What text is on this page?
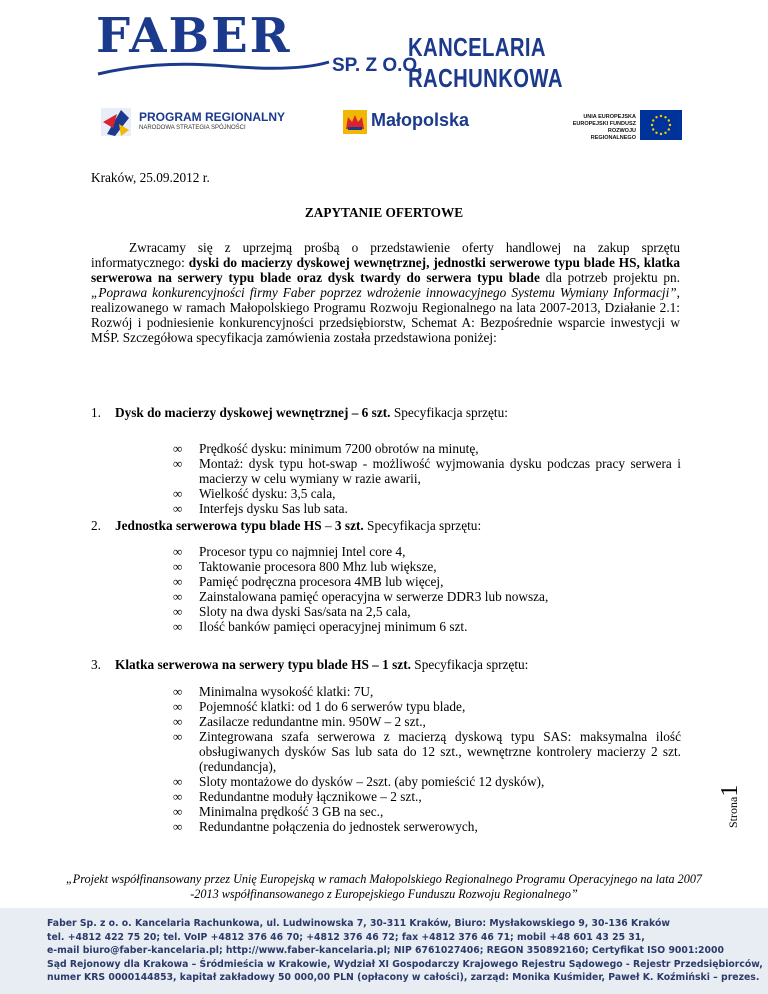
FABER
SP. Z O.O.
KANCELARIA RACHUNKOWA
PROGRAM REGIONALNY
NARODOWA STRATEGIA SPÓJNOŚCI	Małopolska	UNIA EUROPEJSKA
EUROPEJSKI FUNDUSZ
ROZWOJU REGIONALNEGO
Kraków, 25.09.2012 r.
ZAPYTANIE OFERTOWE
Zwracamy się z uprzejmą prośbą o przedstawienie oferty handlowej na zakup sprzętu informatycznego: dyski do macierzy dyskowej wewnętrznej, jednostki serwerowe typu blade HS, klatka serwerowa na serwery typu blade oraz dysk twardy do serwera typu blade dla potrzeb projektu pn. „Poprawa konkurencyjności firmy Faber poprzez wdrożenie innowacyjnego Systemu Wymiany Informacji”, realizowanego w ramach Małopolskiego Programu Rozwoju Regionalnego na lata 2007-2013, Działanie 2.1: Rozwój i podniesienie konkurencyjności przedsiębiorstw, Schemat A: Bezpośrednie wsparcie inwestycji w MŚP. Szczegółowa specyfikacja zamówienia została przedstawiona poniżej:
1. Dysk do macierzy dyskowej wewnętrznej – 6 szt. Specyfikacja sprzętu:
∞ Prędkość dysku: minimum 7200 obrotów na minutę,
∞ Montaż: dysk typu hot-swap - możliwość wyjmowania dysku podczas pracy serwera i macierzy w celu wymiany w razie awarii,
∞ Wielkość dysku: 3,5 cala,
∞ Interfejs dysku Sas lub sata.
2. Jednostka serwerowa typu blade HS – 3 szt. Specyfikacja sprzętu:
∞ Procesor typu co najmniej Intel core 4,
∞ Taktowanie procesora 800 Mhz lub większe,
∞ Pamięć podręczna procesora 4MB lub więcej,
∞ Zainstalowana pamięć operacyjna w serwerze DDR3 lub nowsza,
∞ Sloty na dwa dyski Sas/sata na 2,5 cala,
∞ Ilość banków pamięci operacyjnej minimum 6 szt.
3. Klatka serwerowa na serwery typu blade HS – 1 szt. Specyfikacja sprzętu:
∞ Minimalna wysokość klatki: 7U,
∞ Pojemność klatki: od 1 do 6 serwerów typu blade,
∞ Zasilacze redundantne min. 950W – 2 szt.,
∞ Zintegrowana szafa serwerowa z macierzą dyskową typu SAS: maksymalna ilość obsługiwanych dysków Sas lub sata do 12 szt., wewnętrzne kontrolery macierzy 2 szt. (redundancja),
∞ Sloty montażowe do dysków – 2szt. (aby pomieścić 12 dysków),
∞ Redundantne moduły łącznikowe – 2 szt.,
∞ Minimalna prędkość 3 GB na sec.,
∞ Redundantne połączenia do jednostek serwerowych,	Strona1
„Projekt współfinansowany przez Unię Europejską w ramach Małopolskiego Regionalnego Programu Operacyjnego na lata 2007 -2013 współfinansowanego z Europejskiego Funduszu Rozwoju Regionalnego”
Faber Sp. z o. o. Kancelaria Rachunkowa, ul. Ludwinowska 7, 30-311 Kraków, Biuro: Mysłakowskiego 9, 30-136 Kraków
tel. +4812 422 75 20; tel. VoIP +4812 376 46 70; +4812 376 46 72; fax +4812 376 46 71; mobil +48 601 43 25 31,
e-mail biuro@faber-kancelaria.pl; http://www.faber-kancelaria.pl; NIP 6761027406; REGON 350892160; Certyfikat ISO 9001:2000
Sąd Rejonowy dla Krakowa – Śródmieścia w Krakowie, Wydział XI Gospodarczy Krajowego Rejestru Sądowego - Rejestr Przedsiębiorców,
numer KRS 0000144853, kapitał zakładowy 50 000,00 PLN (opłacony w całości), zarząd: Monika Kuśmider, Paweł K. Koźmiński – prezes.
